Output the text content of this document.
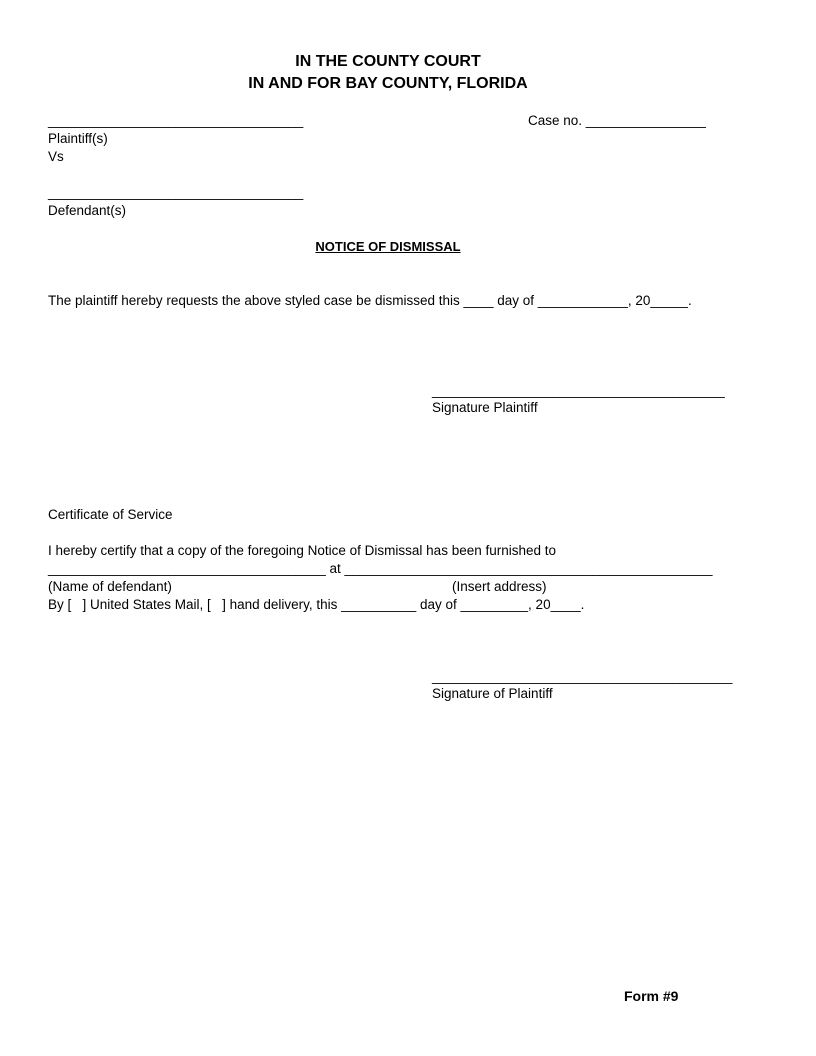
IN THE COUNTY COURT
IN AND FOR BAY COUNTY, FLORIDA
__________________________________	Case no. ________________
Plaintiff(s)
Vs
__________________________________
Defendant(s)
NOTICE OF DISMISSAL
The plaintiff hereby requests the above styled case be dismissed this ____ day of ____________, 20_____.
_______________________________________
Signature Plaintiff
Certificate of Service
I hereby certify that a copy of the foregoing Notice of Dismissal has been furnished to
_____________________________________ at _________________________________________________
(Name of defendant)	(Insert address)
By [   ] United States Mail, [   ] hand delivery, this __________ day of _________, 20____.
________________________________________
Signature of Plaintiff
Form #9
